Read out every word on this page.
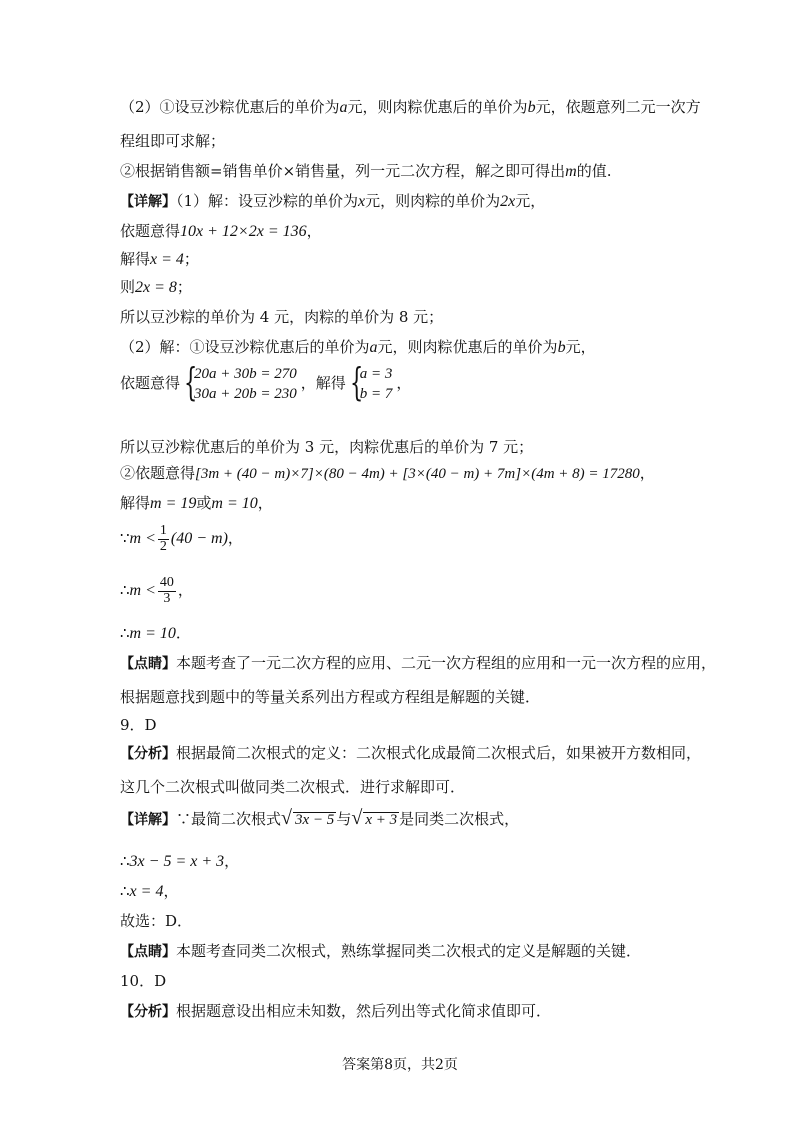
（2）①设豆沙粽优惠后的单价为a元，则肉粽优惠后的单价为b元，依题意列二元一次方
程组即可求解；
②根据销售额=销售单价×销售量，列一元二次方程，解之即可得出m的值.
【详解】（1）解：设豆沙粽的单价为x元，则肉粽的单价为2x元，
依题意得10x + 12×2x = 136，
解得x = 4；
则2x = 8；
所以豆沙粽的单价为 4 元，肉粽的单价为 8 元；
（2）解：①设豆沙粽优惠后的单价为a元，则肉粽优惠后的单价为b元，
依题意得 {
20a + 30b = 270
30a + 20b = 230
，解得 {
a = 3
b = 7
，
所以豆沙粽优惠后的单价为 3 元，肉粽优惠后的单价为 7 元；
②依题意得[3m + (40 − m)×7]×(80 − 4m) + [3×(40 − m) + 7m]×(4m + 8) = 17280，
解得m = 19或m = 10，
∵m < $\frac{1}{2} (40 - m)$，
∴m < $\frac{40}{3}$ ，
∴m = 10．
【点睛】本题考查了一元二次方程的应用、二元一次方程组的应用和一元一次方程的应用，
根据题意找到题中的等量关系列出方程或方程组是解题的关键．
9．D
【分析】根据最简二次根式的定义：二次根式化成最简二次根式后，如果被开方数相同，
这几个二次根式叫做同类二次根式．进行求解即可．
【详解】∵最简二次根式 √ 3x − 5 与 √ x + 3 是同类二次根式，
∴3x − 5 = x + 3，
∴x = 4，
故选：D．
【点睛】本题考查同类二次根式，熟练掌握同类二次根式的定义是解题的关键．
10．D
【分析】根据题意设出相应未知数，然后列出等式化简求值即可．
答案第8页，共2页
